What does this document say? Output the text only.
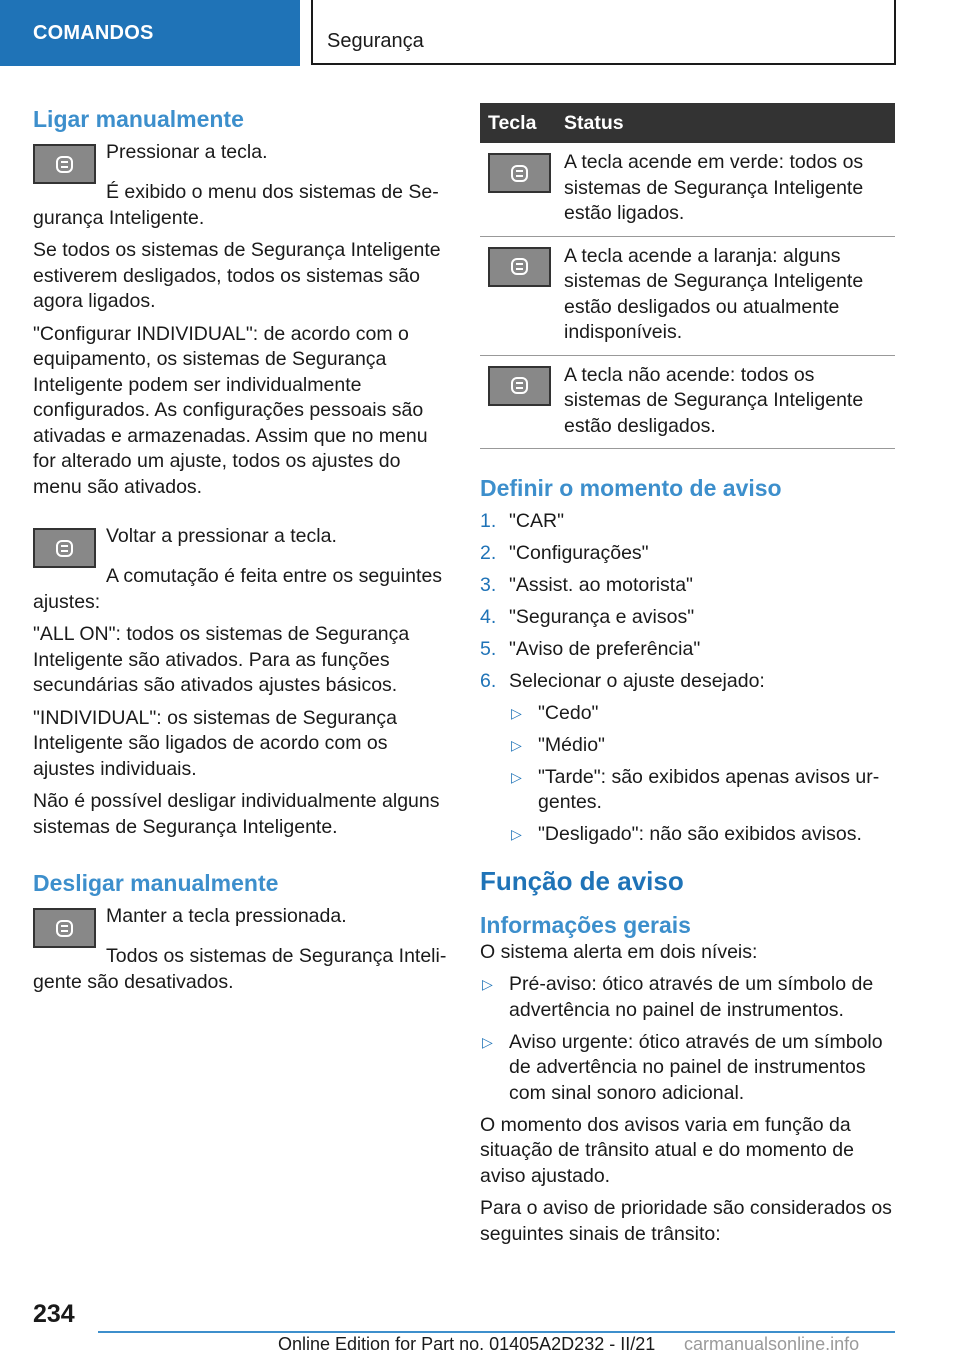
COMANDOS	Segurança
Ligar manualmente

Pressionar a tecla.

É exibido o menu dos sistemas de Segurança Inteligente.

Se todos os sistemas de Segurança Inteligente estiverem desligados, todos os sistemas são agora ligados.

"Configurar INDIVIDUAL": de acordo com o equipamento, os sistemas de Segurança Inteligente podem ser individualmente configurados. As configurações pessoais são ativadas e armazenadas. Assim que no menu for alterado um ajuste, todos os ajustes do menu são ativados.

Voltar a pressionar a tecla.

A comutação é feita entre os seguintes ajustes:

"ALL ON": todos os sistemas de Segurança Inteligente são ativados. Para as funções secundárias são ativados ajustes básicos.

"INDIVIDUAL": os sistemas de Segurança Inteligente são ligados de acordo com os ajustes individuais.

Não é possível desligar individualmente alguns sistemas de Segurança Inteligente.

Desligar manualmente

Manter a tecla pressionada.

Todos os sistemas de Segurança Inteligente são desativados.

Tecla	Status

	A tecla acende em verde: todos os sistemas de Segurança Inteligente estão ligados.

	A tecla acende a laranja: alguns sistemas de Segurança Inteligente estão desligados ou atualmente indisponíveis.

	A tecla não acende: todos os sistemas de Segurança Inteligente estão desligados.
Definir o momento de aviso
1. "CAR"
2. "Configurações"
3. "Assist. ao motorista"
4. "Segurança e avisos"
5. "Aviso de preferência"
6. Selecionar o ajuste desejado:
▷ "Cedo"
▷ "Médio"
▷ "Tarde": são exibidos apenas avisos urgentes.
▷ "Desligado": não são exibidos avisos.
Função de aviso
Informações gerais

O sistema alerta em dois níveis:

▷ Pré-aviso: ótico através de um símbolo de advertência no painel de instrumentos.
▷ Aviso urgente: ótico através de um símbolo de advertência no painel de instrumentos com sinal sonoro adicional.

O momento dos avisos varia em função da situação de trânsito atual e do momento de aviso ajustado.

Para o aviso de prioridade são considerados os seguintes sinais de trânsito:

234
Online Edition for Part no. 01405A2D232 - II/21 carmanualsonline.info
